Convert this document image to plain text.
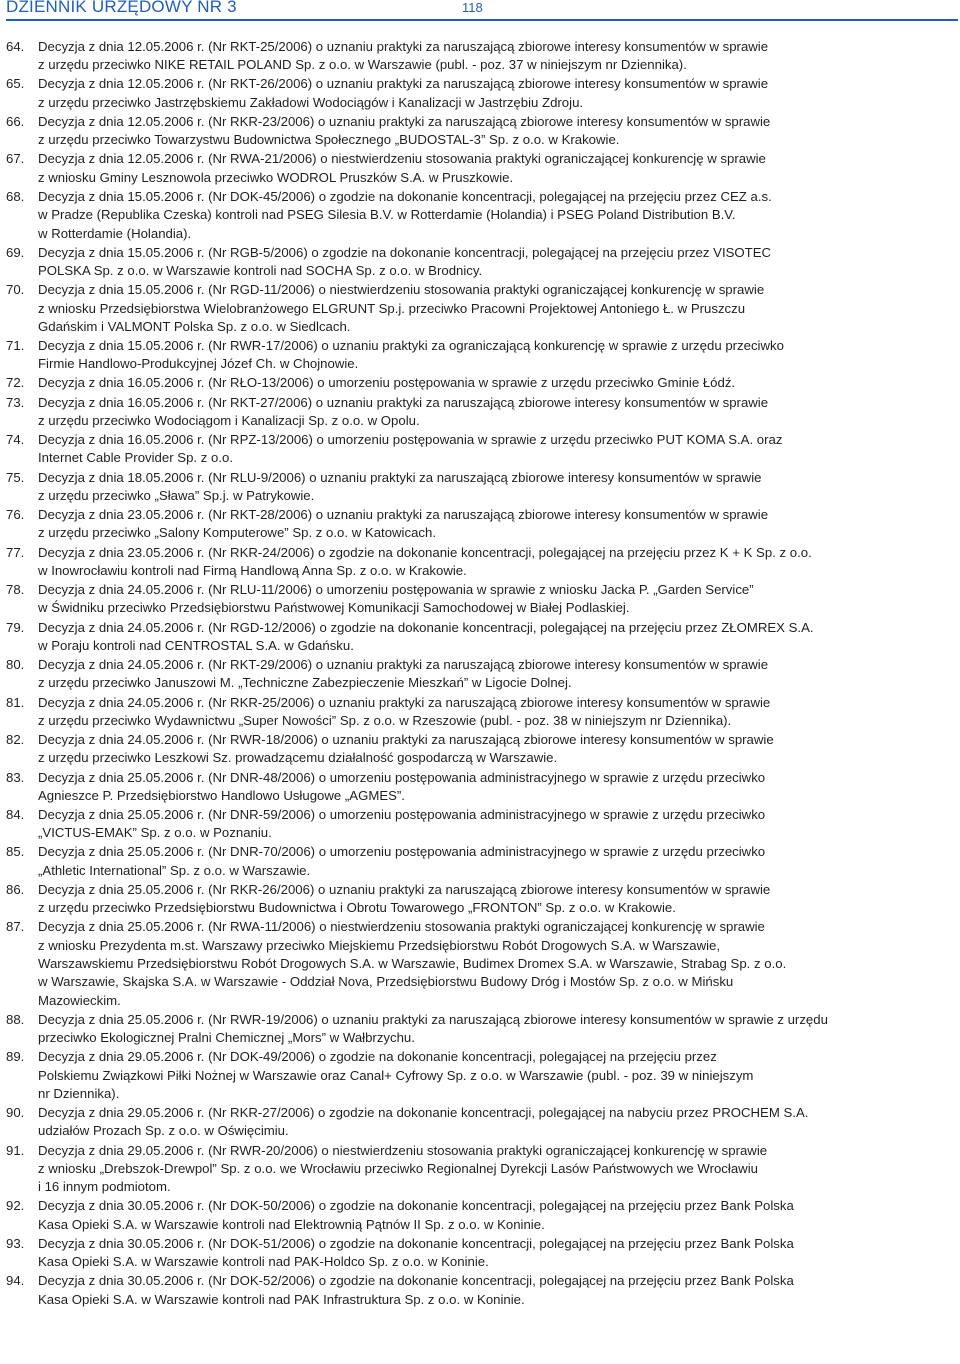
DZIENNIK URZĘDOWY NR 3	118
64.	Decyzja z dnia 12.05.2006 r. (Nr RKT-25/2006) o uznaniu praktyki za naruszającą zbiorowe interesy konsumentów w sprawie
z urzędu przeciwko NIKE RETAIL POLAND Sp. z o.o. w Warszawie (publ. - poz. 37 w niniejszym nr Dziennika).
65.	Decyzja z dnia 12.05.2006 r. (Nr RKT-26/2006) o uznaniu praktyki za naruszającą zbiorowe interesy konsumentów w sprawie
z urzędu przeciwko Jastrzębskiemu Zakładowi Wodociągów i Kanalizacji w Jastrzębiu Zdroju.
66.	Decyzja z dnia 12.05.2006 r. (Nr RKR-23/2006) o uznaniu praktyki za naruszającą zbiorowe interesy konsumentów w sprawie
z urzędu przeciwko Towarzystwu Budownictwa Społecznego „BUDOSTAL-3” Sp. z o.o. w Krakowie.
67.	Decyzja z dnia 12.05.2006 r. (Nr RWA-21/2006) o niestwierdzeniu stosowania praktyki ograniczającej konkurencję w sprawie
z wniosku Gminy Lesznowola przeciwko WODROL Pruszków S.A. w Pruszkowie.
68.	Decyzja z dnia 15.05.2006 r. (Nr DOK-45/2006) o zgodzie na dokonanie koncentracji, polegającej na przejęciu przez CEZ a.s.
w Pradze (Republika Czeska) kontroli nad PSEG Silesia B.V. w Rotterdamie (Holandia) i PSEG Poland Distribution B.V.
w Rotterdamie (Holandia).
69.	Decyzja z dnia 15.05.2006 r. (Nr RGB-5/2006) o zgodzie na dokonanie koncentracji, polegającej na przejęciu przez VISOTEC
POLSKA Sp. z o.o. w Warszawie kontroli nad SOCHA Sp. z o.o. w Brodnicy.
70.	Decyzja z dnia 15.05.2006 r. (Nr RGD-11/2006) o niestwierdzeniu stosowania praktyki ograniczającej konkurencję w sprawie
z wniosku Przedsiębiorstwa Wielobranżowego ELGRUNT Sp.j. przeciwko Pracowni Projektowej Antoniego Ł. w Pruszczu
Gdańskim i VALMONT Polska Sp. z o.o. w Siedlcach.
71.	Decyzja z dnia 15.05.2006 r. (Nr RWR-17/2006) o uznaniu praktyki za ograniczającą konkurencję w sprawie z urzędu przeciwko
Firmie Handlowo-Produkcyjnej Józef Ch. w Chojnowie.
72.	Decyzja z dnia 16.05.2006 r. (Nr RŁO-13/2006) o umorzeniu postępowania w sprawie z urzędu przeciwko Gminie Łódź.
73.	Decyzja z dnia 16.05.2006 r. (Nr RKT-27/2006) o uznaniu praktyki za naruszającą zbiorowe interesy konsumentów w sprawie
z urzędu przeciwko Wodociągom i Kanalizacji Sp. z o.o. w Opolu.
74.	Decyzja z dnia 16.05.2006 r. (Nr RPZ-13/2006) o umorzeniu postępowania w sprawie z urzędu przeciwko PUT KOMA S.A. oraz
Internet Cable Provider Sp. z o.o.
75.	Decyzja z dnia 18.05.2006 r. (Nr RLU-9/2006) o uznaniu praktyki za naruszającą zbiorowe interesy konsumentów w sprawie
z urzędu przeciwko „Sława” Sp.j. w Patrykowie.
76.	Decyzja z dnia 23.05.2006 r. (Nr RKT-28/2006) o uznaniu praktyki za naruszającą zbiorowe interesy konsumentów w sprawie
z urzędu przeciwko „Salony Komputerowe” Sp. z o.o. w Katowicach.
77.	Decyzja z dnia 23.05.2006 r. (Nr RKR-24/2006) o zgodzie na dokonanie koncentracji, polegającej na przejęciu przez K + K Sp. z o.o.
w Inowrocławiu kontroli nad Firmą Handlową Anna Sp. z o.o. w Krakowie.
78.	Decyzja z dnia 24.05.2006 r. (Nr RLU-11/2006) o umorzeniu postępowania w sprawie z wniosku Jacka P. „Garden Service”
w Świdniku przeciwko Przedsiębiorstwu Państwowej Komunikacji Samochodowej w Białej Podlaskiej.
79.	Decyzja z dnia 24.05.2006 r. (Nr RGD-12/2006) o zgodzie na dokonanie koncentracji, polegającej na przejęciu przez ZŁOMREX S.A.
w Poraju kontroli nad CENTROSTAL S.A. w Gdańsku.
80.	Decyzja z dnia 24.05.2006 r. (Nr RKT-29/2006) o uznaniu praktyki za naruszającą zbiorowe interesy konsumentów w sprawie
z urzędu przeciwko Januszowi M. „Techniczne Zabezpieczenie Mieszkań” w Ligocie Dolnej.
81.	Decyzja z dnia 24.05.2006 r. (Nr RKR-25/2006) o uznaniu praktyki za naruszającą zbiorowe interesy konsumentów w sprawie
z urzędu przeciwko Wydawnictwu „Super Nowości” Sp. z o.o. w Rzeszowie (publ. - poz. 38 w niniejszym nr Dziennika).
82.	Decyzja z dnia 24.05.2006 r. (Nr RWR-18/2006) o uznaniu praktyki za naruszającą zbiorowe interesy konsumentów w sprawie
z urzędu przeciwko Leszkowi Sz. prowadzącemu działalność gospodarczą w Warszawie.
83.	Decyzja z dnia 25.05.2006 r. (Nr DNR-48/2006) o umorzeniu postępowania administracyjnego w sprawie z urzędu przeciwko
Agnieszce P. Przedsiębiorstwo Handlowo Usługowe „AGMES”.
84.	Decyzja z dnia 25.05.2006 r. (Nr DNR-59/2006) o umorzeniu postępowania administracyjnego w sprawie z urzędu przeciwko
„VICTUS-EMAK” Sp. z o.o. w Poznaniu.
85.	Decyzja z dnia 25.05.2006 r. (Nr DNR-70/2006) o umorzeniu postępowania administracyjnego w sprawie z urzędu przeciwko
„Athletic International” Sp. z o.o. w Warszawie.
86.	Decyzja z dnia 25.05.2006 r. (Nr RKR-26/2006) o uznaniu praktyki za naruszającą zbiorowe interesy konsumentów w sprawie
z urzędu przeciwko Przedsiębiorstwu Budownictwa i Obrotu Towarowego „FRONTON” Sp. z o.o. w Krakowie.
87.	Decyzja z dnia 25.05.2006 r. (Nr RWA-11/2006) o niestwierdzeniu stosowania praktyki ograniczającej konkurencję w sprawie
z wniosku Prezydenta m.st. Warszawy przeciwko Miejskiemu Przedsiębiorstwu Robót Drogowych S.A. w Warszawie,
Warszawskiemu Przedsiębiorstwu Robót Drogowych S.A. w Warszawie, Budimex Dromex S.A. w Warszawie, Strabag Sp. z o.o.
w Warszawie, Skajska S.A. w Warszawie - Oddział Nova, Przedsiębiorstwu Budowy Dróg i Mostów Sp. z o.o. w Mińsku
Mazowieckim.
88.	Decyzja z dnia 25.05.2006 r. (Nr RWR-19/2006) o uznaniu praktyki za naruszającą zbiorowe interesy konsumentów w sprawie z urzędu
przeciwko Ekologicznej Pralni Chemicznej „Mors” w Wałbrzychu.
89.	Decyzja z dnia 29.05.2006 r. (Nr DOK-49/2006) o zgodzie na dokonanie koncentracji, polegającej na przejęciu przez
Polskiemu Związkowi Piłki Nożnej w Warszawie oraz Canal+ Cyfrowy Sp. z o.o. w Warszawie (publ. - poz. 39 w niniejszym
nr Dziennika).
90.	Decyzja z dnia 29.05.2006 r. (Nr RKR-27/2006) o zgodzie na dokonanie koncentracji, polegającej na nabyciu przez PROCHEM S.A.
udziałów Prozach Sp. z o.o. w Oświęcimiu.
91.	Decyzja z dnia 29.05.2006 r. (Nr RWR-20/2006) o niestwierdzeniu stosowania praktyki ograniczającej konkurencję w sprawie
z wniosku „Drebszok-Drewpol” Sp. z o.o. we Wrocławiu przeciwko Regionalnej Dyrekcji Lasów Państwowych we Wrocławiu
i 16 innym podmiotom.
92.	Decyzja z dnia 30.05.2006 r. (Nr DOK-50/2006) o zgodzie na dokonanie koncentracji, polegającej na przejęciu przez Bank Polska
Kasa Opieki S.A. w Warszawie kontroli nad Elektrownią Pątnów II Sp. z o.o. w Koninie.
93.	Decyzja z dnia 30.05.2006 r. (Nr DOK-51/2006) o zgodzie na dokonanie koncentracji, polegającej na przejęciu przez Bank Polska
Kasa Opieki S.A. w Warszawie kontroli nad PAK-Holdco Sp. z o.o. w Koninie.
94.	Decyzja z dnia 30.05.2006 r. (Nr DOK-52/2006) o zgodzie na dokonanie koncentracji, polegającej na przejęciu przez Bank Polska
Kasa Opieki S.A. w Warszawie kontroli nad PAK Infrastruktura Sp. z o.o. w Koninie.
